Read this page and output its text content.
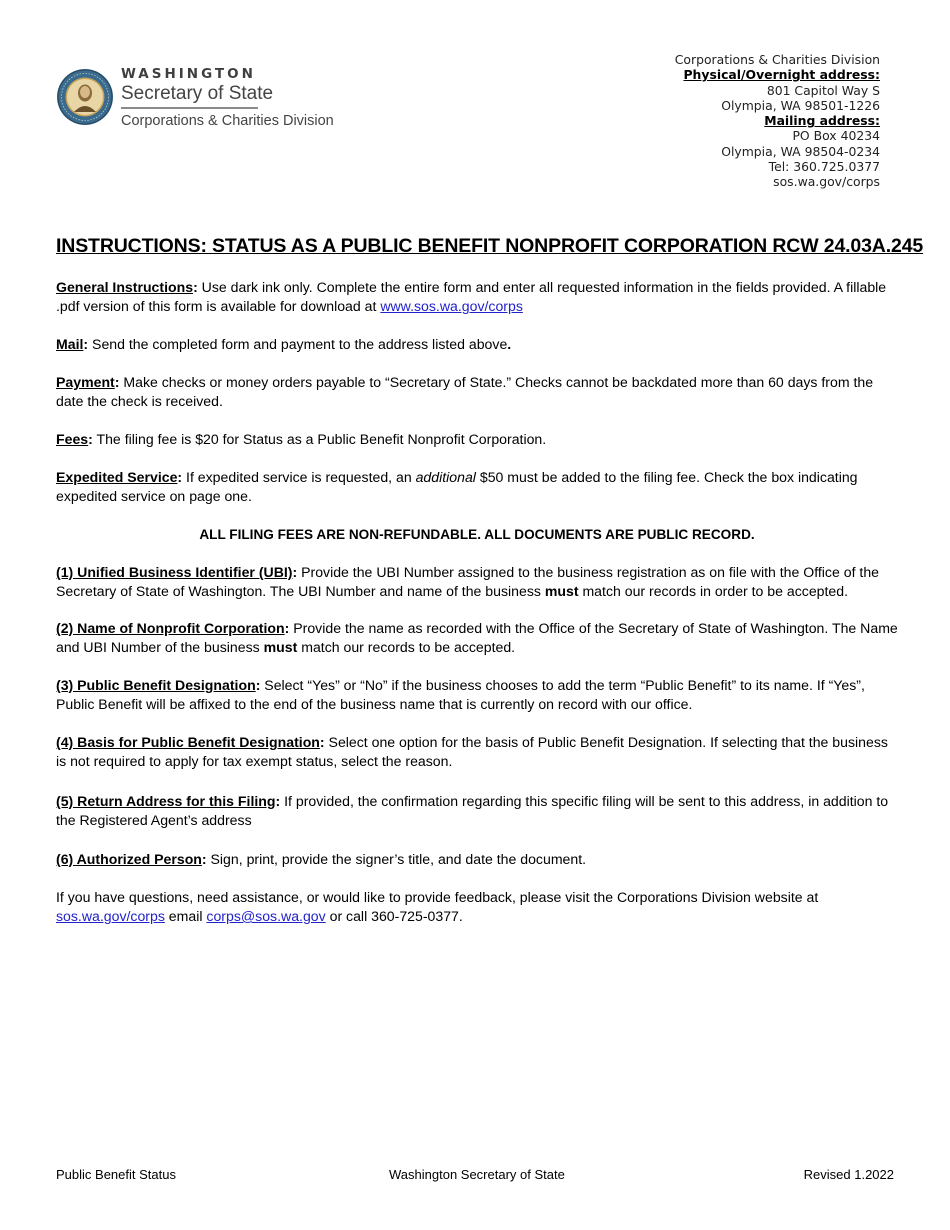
WASHINGTON
Secretary of State
Corporations & Charities Division
Corporations & Charities Division
Physical/Overnight address:
801 Capitol Way S
Olympia, WA 98501-1226
Mailing address:
PO Box 40234
Olympia, WA 98504-0234
Tel: 360.725.0377
sos.wa.gov/corps
INSTRUCTIONS: STATUS AS A PUBLIC BENEFIT NONPROFIT CORPORATION RCW 24.03A.245
General Instructions: Use dark ink only. Complete the entire form and enter all requested information in the fields provided. A fillable .pdf version of this form is available for download at www.sos.wa.gov/corps
Mail: Send the completed form and payment to the address listed above.
Payment: Make checks or money orders payable to “Secretary of State.” Checks cannot be backdated more than 60 days from the date the check is received.
Fees: The filing fee is $20 for Status as a Public Benefit Nonprofit Corporation.
Expedited Service: If expedited service is requested, an additional $50 must be added to the filing fee. Check the box indicating expedited service on page one.
ALL FILING FEES ARE NON-REFUNDABLE. ALL DOCUMENTS ARE PUBLIC RECORD.
(1) Unified Business Identifier (UBI): Provide the UBI Number assigned to the business registration as on file with the Office of the Secretary of State of Washington. The UBI Number and name of the business must match our records in order to be accepted.
(2) Name of Nonprofit Corporation: Provide the name as recorded with the Office of the Secretary of State of Washington. The Name and UBI Number of the business must match our records to be accepted.
(3) Public Benefit Designation: Select “Yes” or “No” if the business chooses to add the term “Public Benefit” to its name. If “Yes”, Public Benefit will be affixed to the end of the business name that is currently on record with our office.
(4) Basis for Public Benefit Designation: Select one option for the basis of Public Benefit Designation. If selecting that the business is not required to apply for tax exempt status, select the reason.
(5) Return Address for this Filing: If provided, the confirmation regarding this specific filing will be sent to this address, in addition to the Registered Agent’s address
(6) Authorized Person: Sign, print, provide the signer’s title, and date the document.
If you have questions, need assistance, or would like to provide feedback, please visit the Corporations Division website at sos.wa.gov/corps email corps@sos.wa.gov or call 360-725-0377.
Public Benefit Status	Washington Secretary of State	Revised 1.2022
